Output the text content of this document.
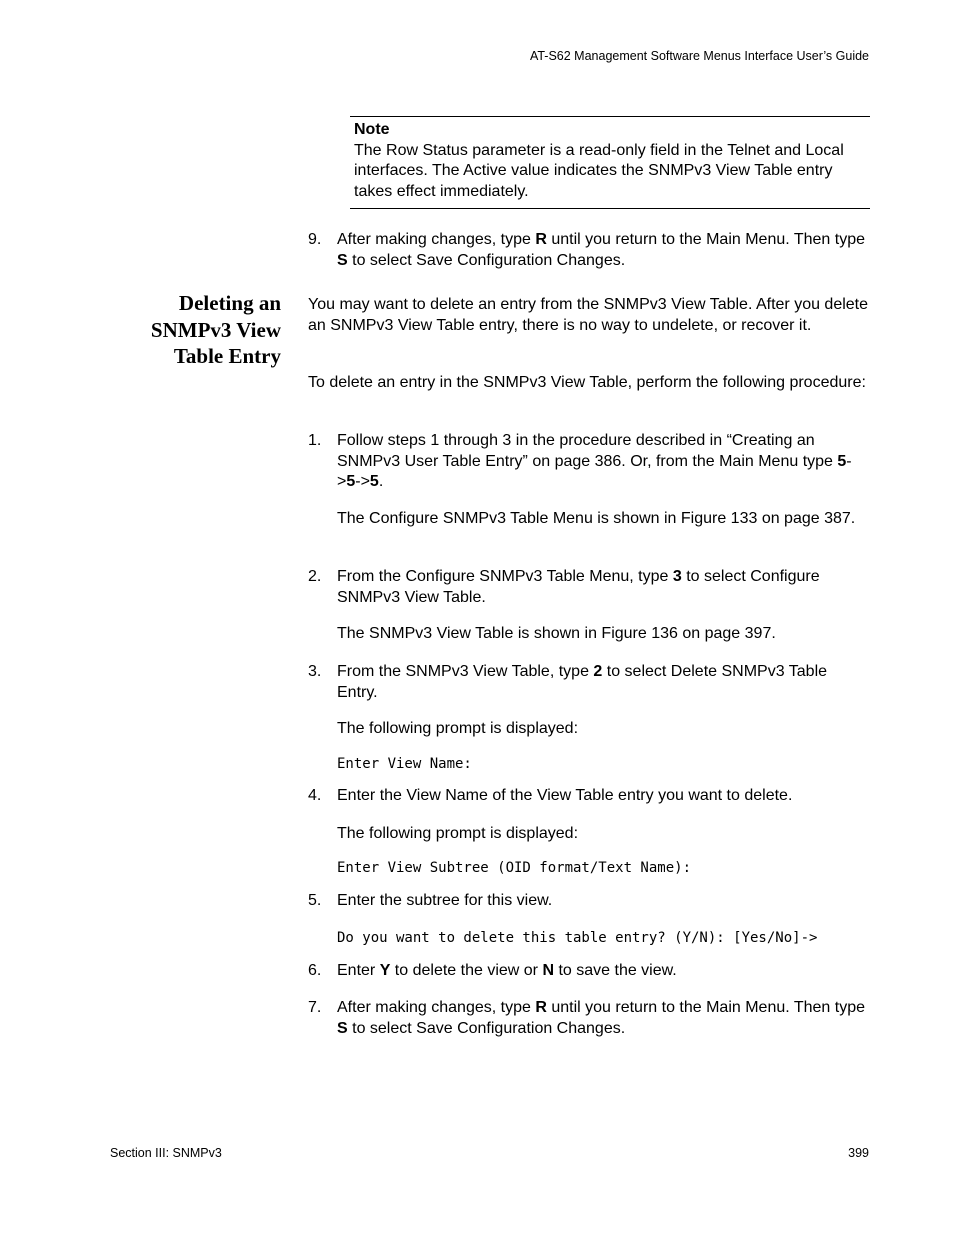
AT-S62 Management Software Menus Interface User’s Guide
Note
The Row Status parameter is a read-only field in the Telnet and Local interfaces. The Active value indicates the SNMPv3 View Table entry takes effect immediately.
9. After making changes, type R until you return to the Main Menu. Then type S to select Save Configuration Changes.
Deleting an
SNMPv3 View
Table Entry
You may want to delete an entry from the SNMPv3 View Table. After you delete an SNMPv3 View Table entry, there is no way to undelete, or recover it.
To delete an entry in the SNMPv3 View Table, perform the following procedure:
1. Follow steps 1 through 3 in the procedure described in “Creating an SNMPv3 User Table Entry” on page 386. Or, from the Main Menu type 5->5->5.
The Configure SNMPv3 Table Menu is shown in Figure 133 on page 387.
2. From the Configure SNMPv3 Table Menu, type 3 to select Configure SNMPv3 View Table.
The SNMPv3 View Table is shown in Figure 136 on page 397.
3. From the SNMPv3 View Table, type 2 to select Delete SNMPv3 Table Entry.
The following prompt is displayed:
Enter View Name:
4. Enter the View Name of the View Table entry you want to delete.
The following prompt is displayed:
Enter View Subtree (OID format/Text Name):
5. Enter the subtree for this view.
Do you want to delete this table entry? (Y/N): [Yes/No]->
6. Enter Y to delete the view or N to save the view.
7. After making changes, type R until you return to the Main Menu. Then type S to select Save Configuration Changes.
Section III: SNMPv3	399
